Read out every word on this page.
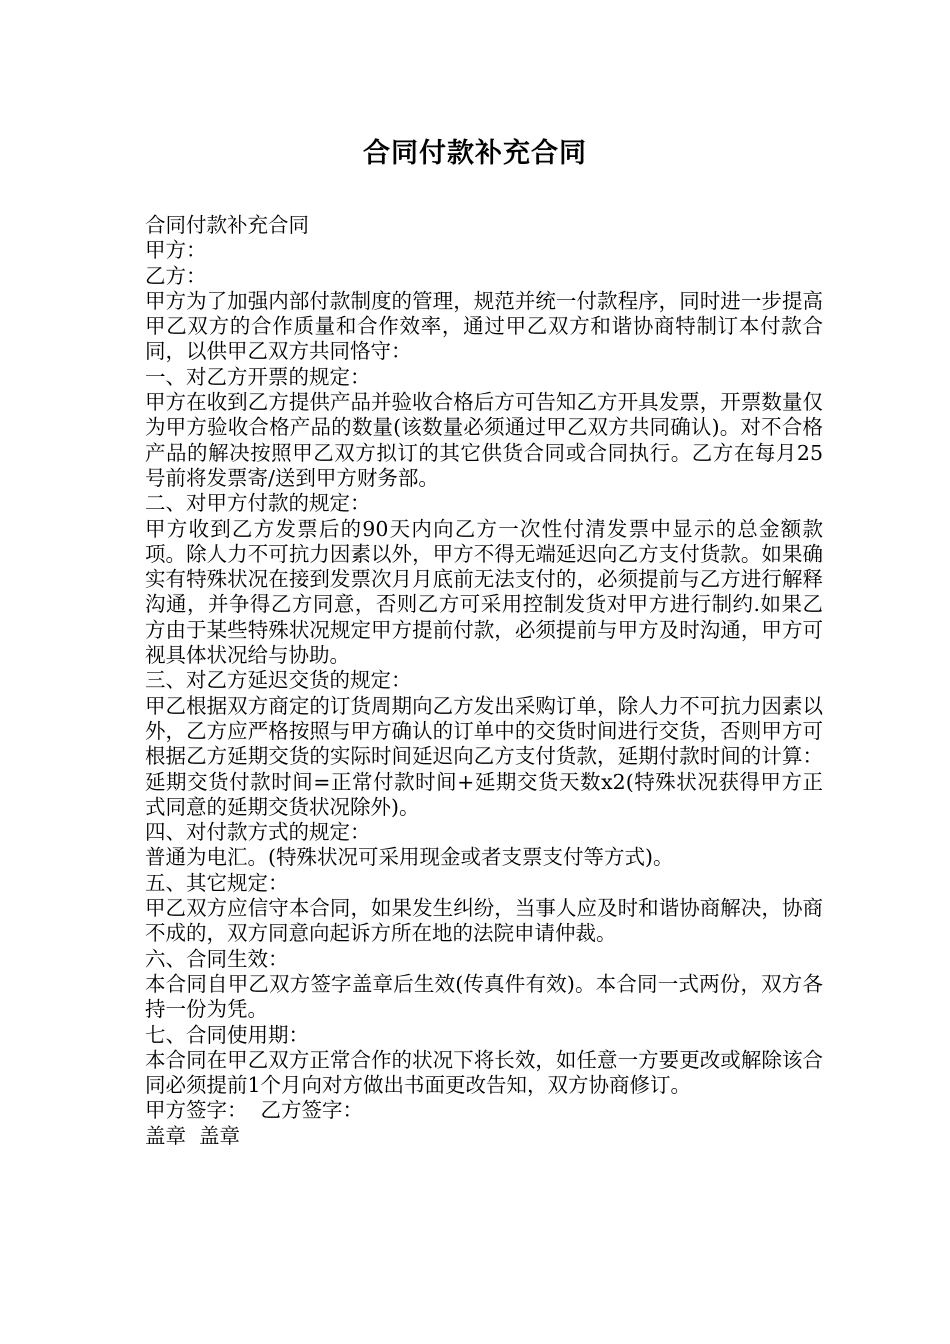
合同付款补充合同

合同付款补充合同

甲方：

乙方：

甲方为了加强内部付款制度的管理，规范并统一付款程序，同时进一步提高甲乙双方的合作质量和合作效率，通过甲乙双方和谐协商特制订本付款合同，以供甲乙双方共同恪守：

一、对乙方开票的规定：

甲方在收到乙方提供产品并验收合格后方可告知乙方开具发票，开票数量仅为甲方验收合格产品的数量(该数量必须通过甲乙双方共同确认)。对不合格产品的解决按照甲乙双方拟订的其它供货合同或合同执行。乙方在每月25号前将发票寄/送到甲方财务部。

二、对甲方付款的规定：

甲方收到乙方发票后的90天内向乙方一次性付清发票中显示的总金额款项。除人力不可抗力因素以外，甲方不得无端延迟向乙方支付货款。如果确实有特殊状况在接到发票次月月底前无法支付的，必须提前与乙方进行解释沟通，并争得乙方同意，否则乙方可采用控制发货对甲方进行制约.如果乙方由于某些特殊状况规定甲方提前付款，必须提前与甲方及时沟通，甲方可视具体状况给与协助。

三、对乙方延迟交货的规定：

甲乙根据双方商定的订货周期向乙方发出采购订单，除人力不可抗力因素以外，乙方应严格按照与甲方确认的订单中的交货时间进行交货，否则甲方可根据乙方延期交货的实际时间延迟向乙方支付货款，延期付款时间的计算：延期交货付款时间=正常付款时间+延期交货天数x2(特殊状况获得甲方正式同意的延期交货状况除外)。

四、对付款方式的规定：

普通为电汇。(特殊状况可采用现金或者支票支付等方式)。

五、其它规定：

甲乙双方应信守本合同，如果发生纠纷，当事人应及时和谐协商解决，协商不成的，双方同意向起诉方所在地的法院申请仲裁。

六、合同生效：

本合同自甲乙双方签字盖章后生效(传真件有效)。本合同一式两份，双方各持一份为凭。

七、合同使用期：

本合同在甲乙双方正常合作的状况下将长效，如任意一方要更改或解除该合同必须提前1个月向对方做出书面更改告知，双方协商修订。

甲方签字：  乙方签字：

盖章  盖章
